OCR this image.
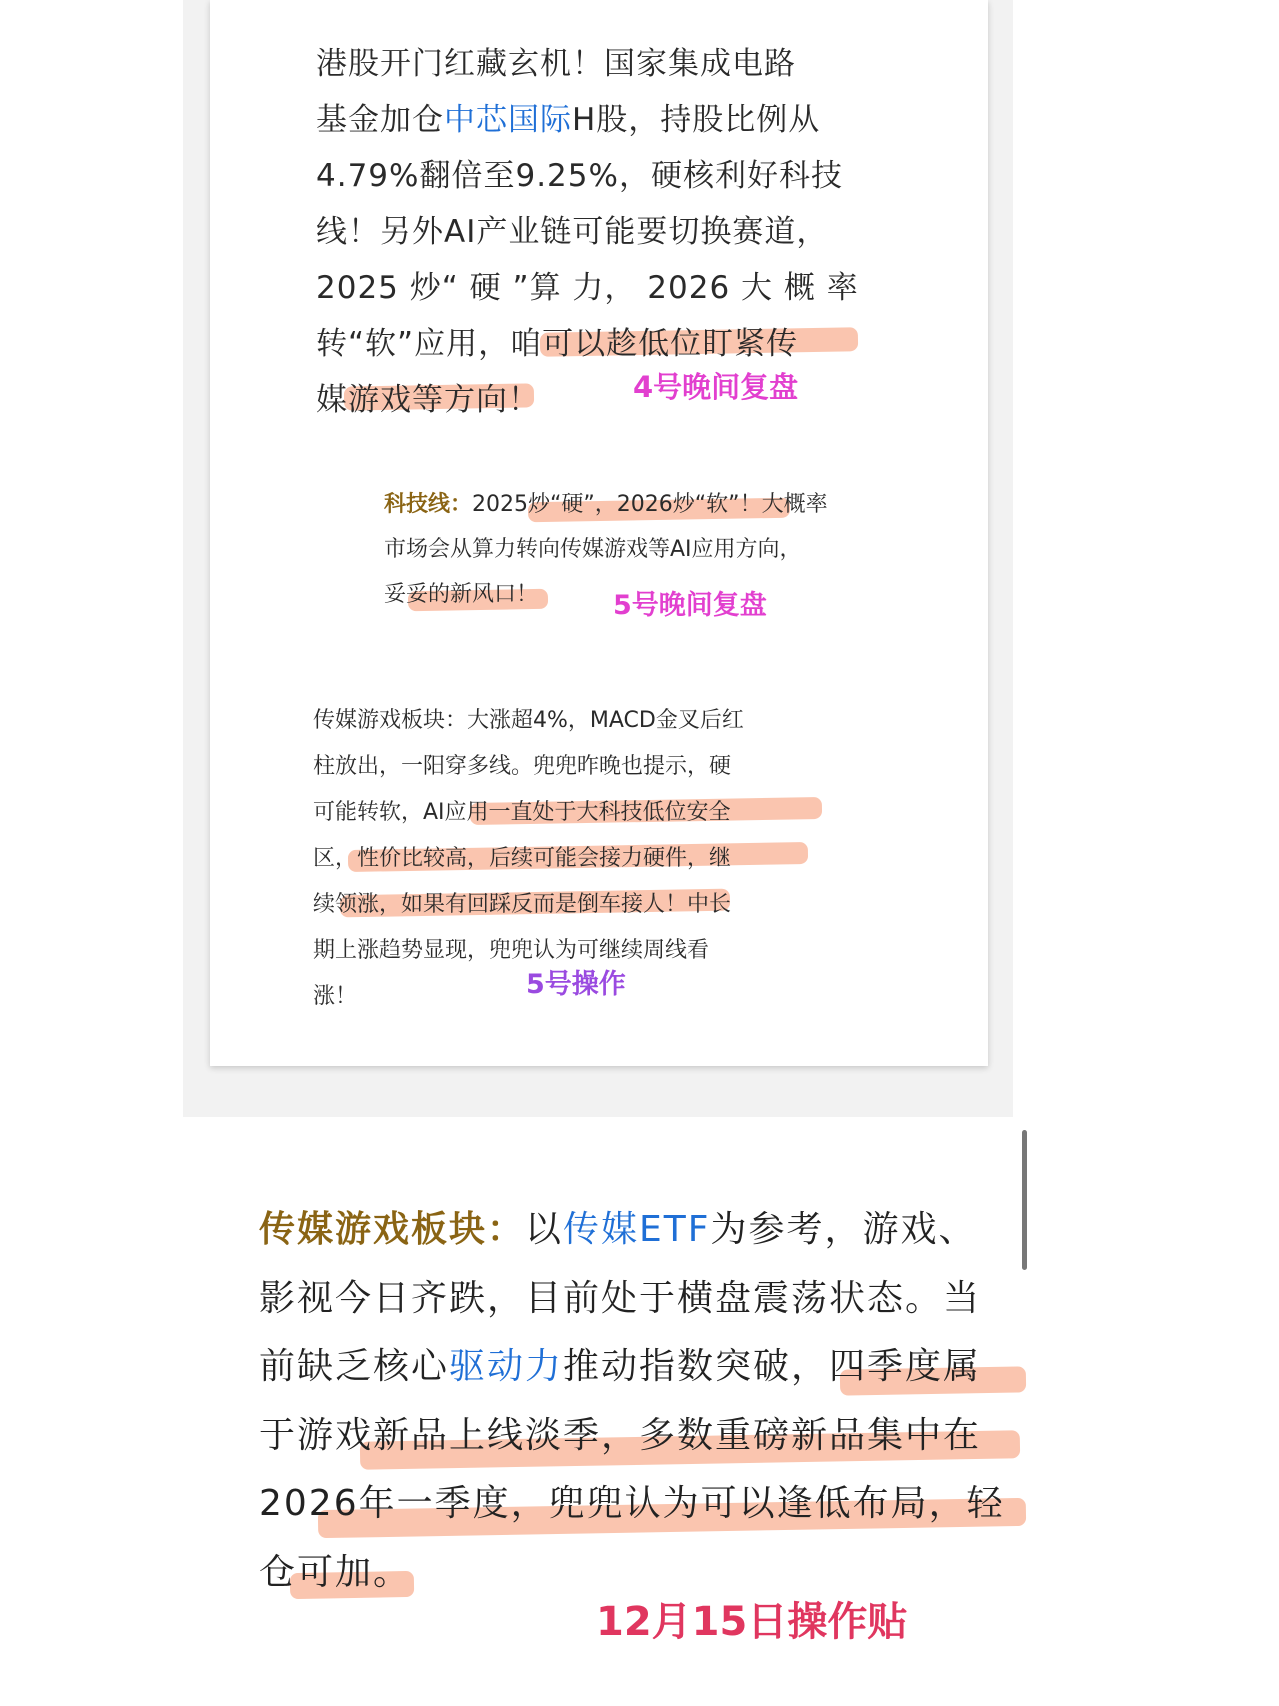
港股开门红藏玄机！国家集成电路
基金加仓中芯国际H股，持股比例从
4.79%翻倍至9.25%，硬核利好科技
线！另外AI产业链可能要切换赛道，
2025 炒“ 硬 ”算 力， 2026 大 概 率
转“软”应用，咱可以趁低位盯紧传
媒游戏等方向！	4号晚间复盘
科技线：2025炒“硬”，2026炒“软”！大概率
市场会从算力转向传媒游戏等AI应用方向，
妥妥的新风口！	5号晚间复盘
传媒游戏板块：大涨超4%，MACD金叉后红
柱放出，一阳穿多线。兜兜昨晚也提示，硬
可能转软，AI应用一直处于大科技低位安全
区，性价比较高，后续可能会接力硬件，继
续领涨，如果有回踩反而是倒车接人！中长
期上涨趋势显现，兜兜认为可继续周线看
涨！	5号操作
传媒游戏板块：以传媒ETF为参考，游戏、
影视今日齐跌，目前处于横盘震荡状态。当
前缺乏核心驱动力推动指数突破，四季度属
于游戏新品上线淡季，多数重磅新品集中在
2026年一季度，兜兜认为可以逢低布局，轻
仓可加。
12月15日操作贴
